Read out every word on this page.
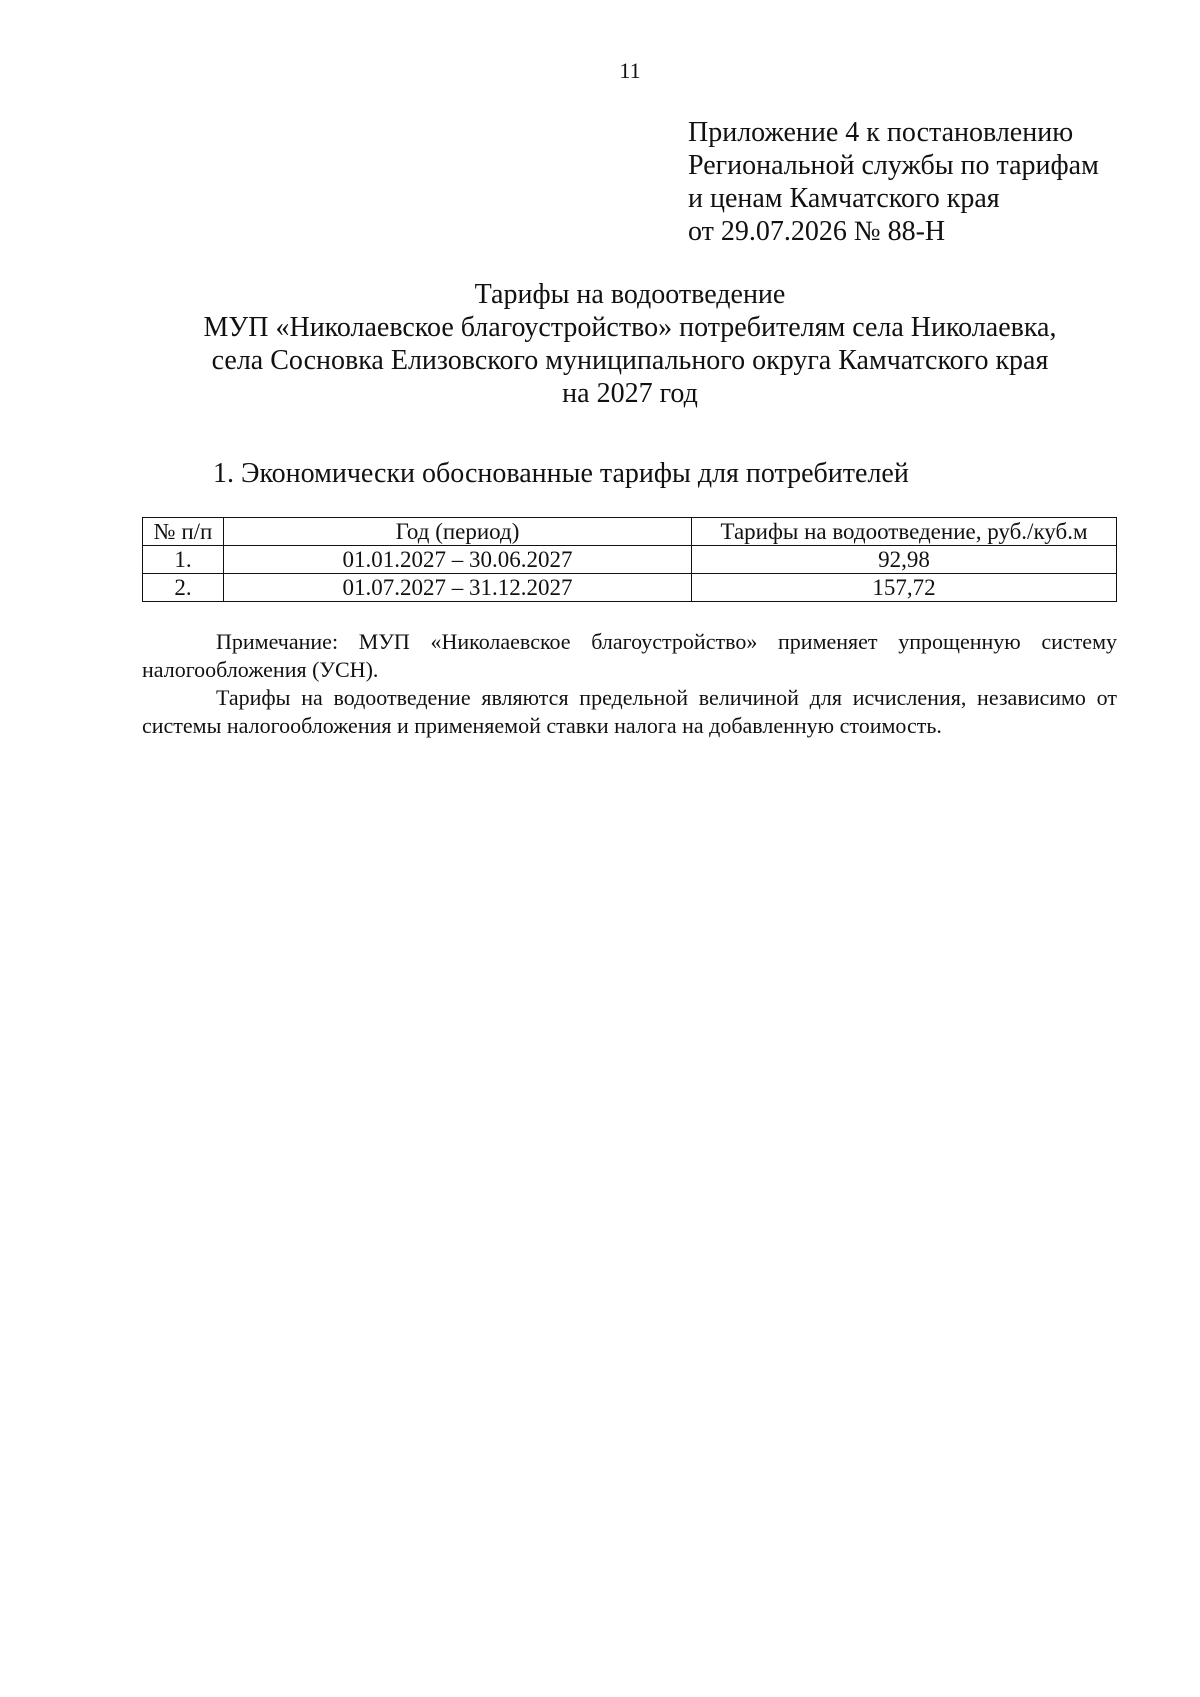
11
Приложение 4 к постановлению
Региональной службы по тарифам
и ценам Камчатского края
от 29.07.2026 № 88-Н
Тарифы на водоотведение
МУП «Николаевское благоустройство» потребителям села Николаевка,
села Сосновка Елизовского муниципального округа Камчатского края
на 2027 год
1. Экономически обоснованные тарифы для потребителей
№ п/п	Год (период)	Тарифы на водоотведение, руб./куб.м
1.	01.01.2027 – 30.06.2027	92,98
2.	01.07.2027 – 31.12.2027	157,72

Примечание: МУП «Николаевское благоустройство» применяет упрощенную систему налогообложения (УСН).

Тарифы на водоотведение являются предельной величиной для исчисления, независимо от системы налогообложения и применяемой ставки налога на добавленную стоимость.
